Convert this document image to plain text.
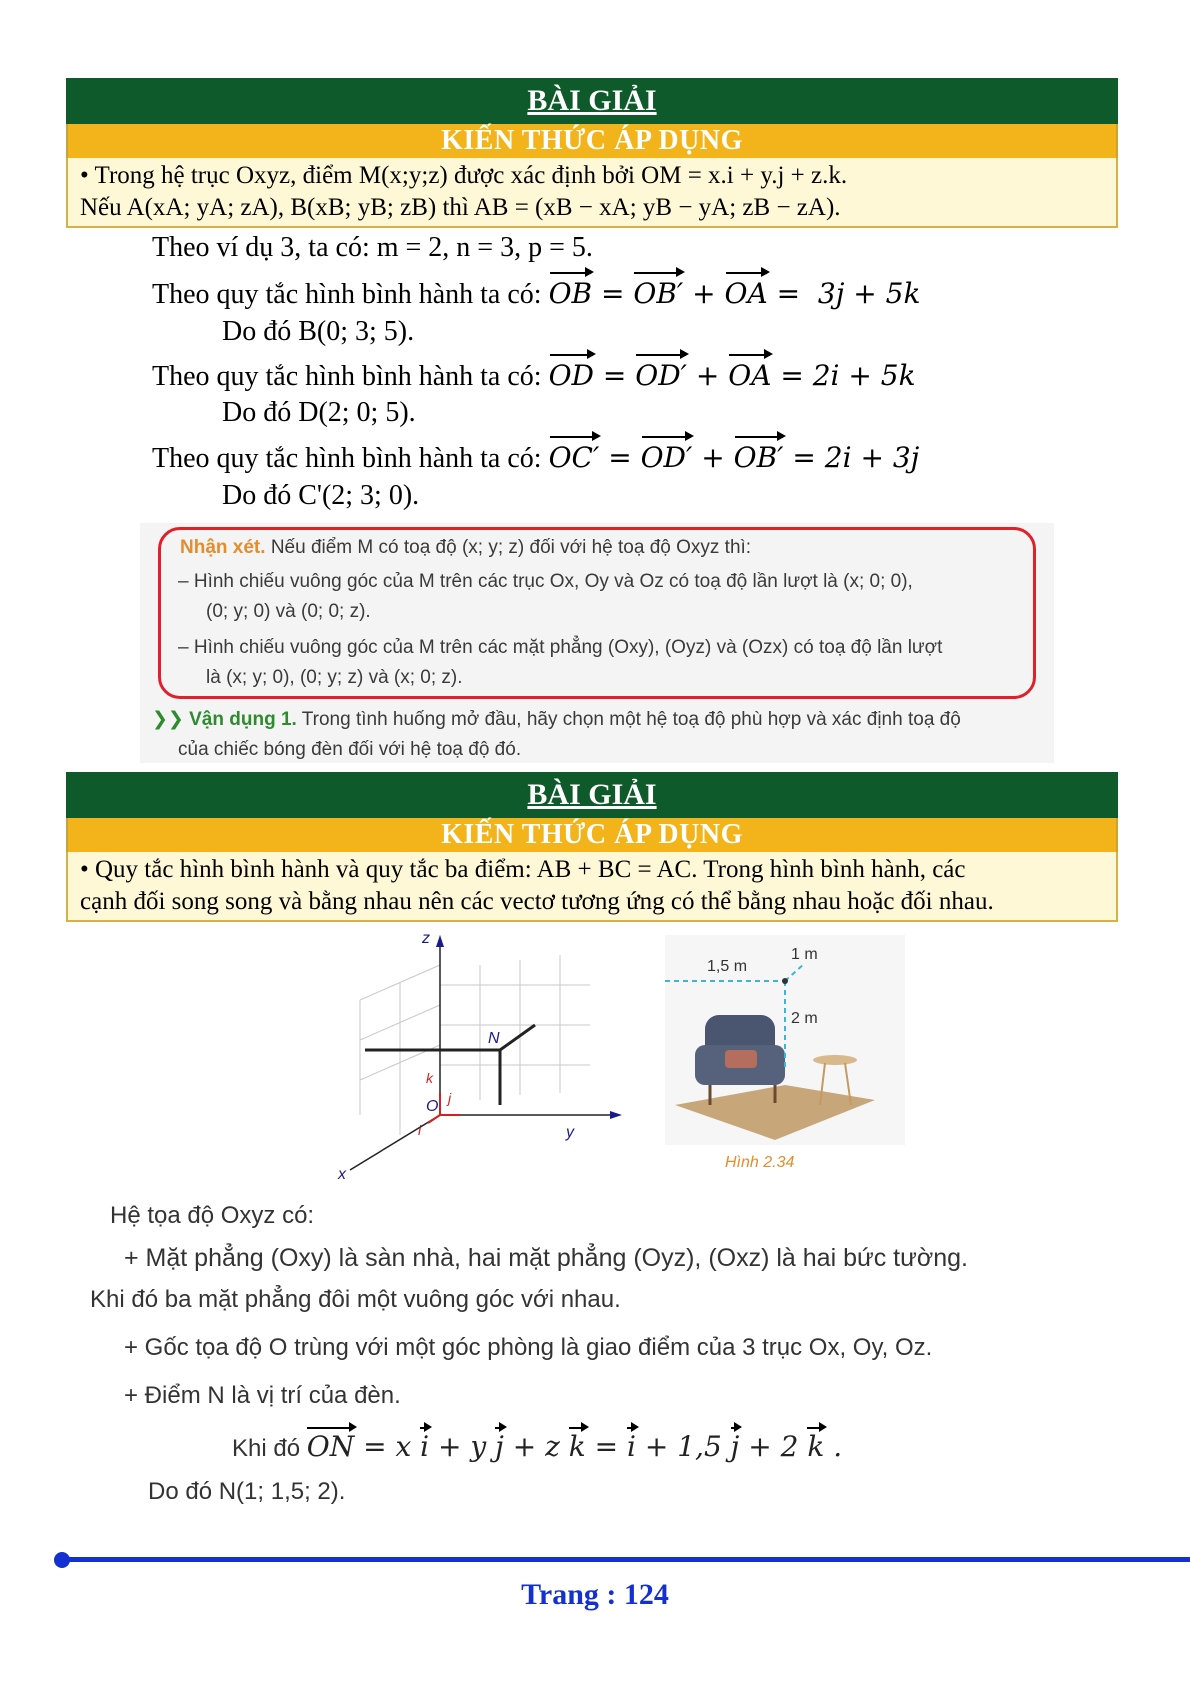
BÀI GIẢI
KIẾN THỨC ÁP DỤNG
• Trong hệ trục Oxyz, điểm M(x;y;z) được xác định bởi OM = x.i + y.j + z.k.
Nếu A(xA; yA; zA), B(xB; yB; zB) thì AB = (xB − xA; yB − yA; zB − zA).
Theo ví dụ 3, ta có: m = 2, n = 3, p = 5.
Theo quy tắc hình bình hành ta có: OB = OB′ + OA =  3j + 5k
Do đó B(0; 3; 5).
Theo quy tắc hình bình hành ta có: OD = OD′ + OA = 2i + 5k
Do đó D(2; 0; 5).
Theo quy tắc hình bình hành ta có: OC′ = OD′ + OB′ = 2i + 3j
Do đó C'(2; 3; 0).
Nhận xét. Nếu điểm M có toạ độ (x; y; z) đối với hệ toạ độ Oxyz thì:
– Hình chiếu vuông góc của M trên các trục Ox, Oy và Oz có toạ độ lần lượt là (x; 0; 0),
(0; y; 0) và (0; 0; z).
– Hình chiếu vuông góc của M trên các mặt phẳng (Oxy), (Oyz) và (Ozx) có toạ độ lần lượt
là (x; y; 0), (0; y; z) và (x; 0; z).
❯❯ Vận dụng 1. Trong tình huống mở đầu, hãy chọn một hệ toạ độ phù hợp và xác định toạ độ
của chiếc bóng đèn đối với hệ toạ độ đó.
BÀI GIẢI
KIẾN THỨC ÁP DỤNG
• Quy tắc hình bình hành và quy tắc ba điểm: AB + BC = AC. Trong hình bình hành, các
cạnh đối song song và bằng nhau nên các vectơ tương ứng có thể bằng nhau hoặc đối nhau.
z
y
x
O
N
k
j
i
1,5 m
1 m
2 m
Hình 2.34
Hệ tọa độ Oxyz có:
+ Mặt phẳng (Oxy) là sàn nhà, hai mặt phẳng (Oyz), (Oxz) là hai bức tường.
Khi đó ba mặt phẳng đôi một vuông góc với nhau.
+ Gốc tọa độ O trùng với một góc phòng là giao điểm của 3 trục Ox, Oy, Oz.
+ Điểm N là vị trí của đèn.
Khi đó ON = x i + y j + z k = i + 1,5 j + 2 k .
Do đó N(1; 1,5; 2).
Trang : 124
